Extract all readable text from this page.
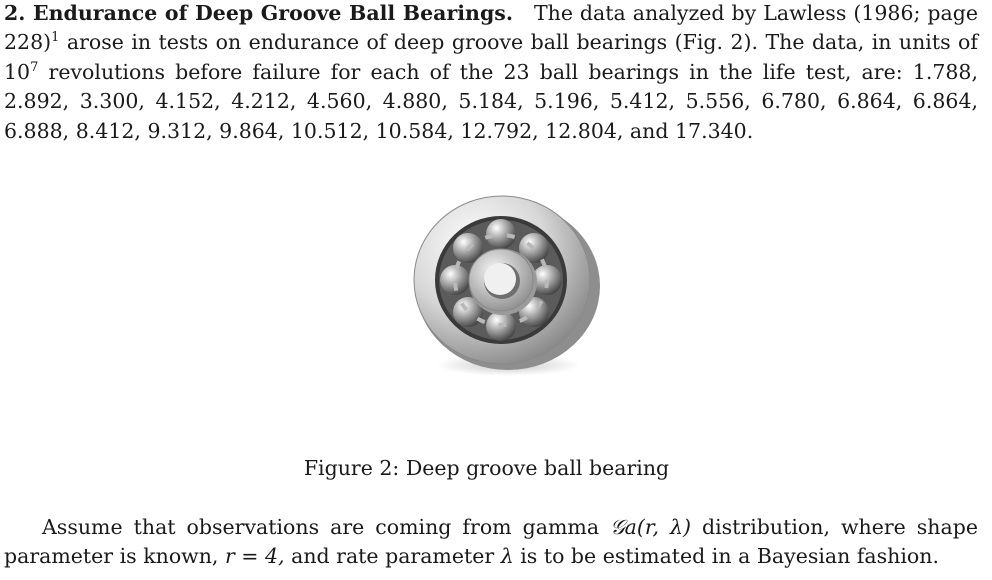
2. Endurance of Deep Groove Ball Bearings. The data analyzed by Lawless (1986; page 228)$^1$ arose in tests on endurance of deep groove ball bearings (Fig. 2). The data, in units of $10^7$ revolutions before failure for each of the 23 ball bearings in the life test, are: 1.788, 2.892, 3.300, 4.152, 4.212, 4.560, 4.880, 5.184, 5.196, 5.412, 5.556, 6.780, 6.864, 6.864, 6.888, 8.412, 9.312, 9.864, 10.512, 10.584, 12.792, 12.804, and 17.340.
Figure 2: Deep groove ball bearing
Assume that observations are coming from gamma 𝒢a(r, λ) distribution, where shape parameter is known, r = 4, and rate parameter λ is to be estimated in a Bayesian fashion.
